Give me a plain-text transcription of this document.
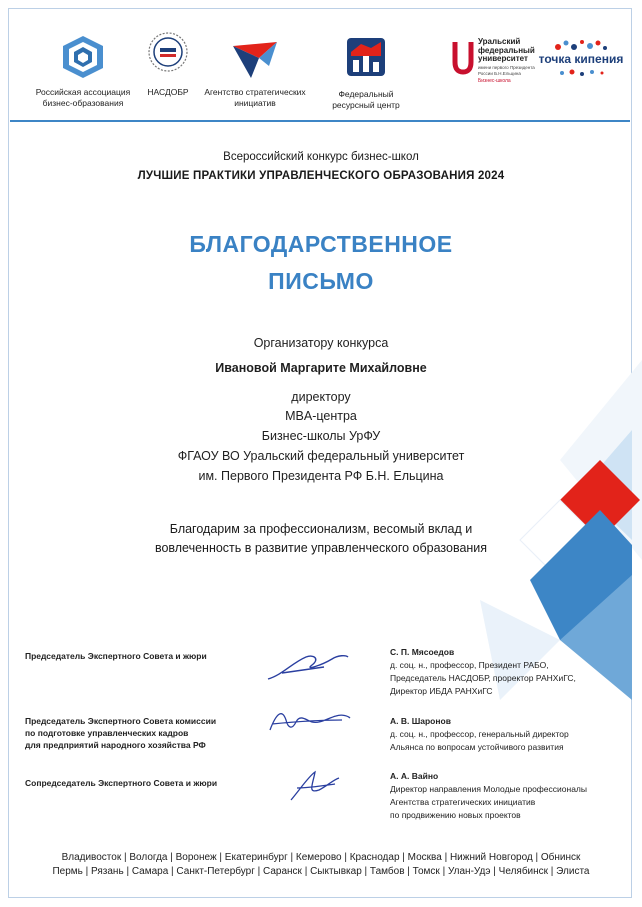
Российская ассоциация
бизнес-образования
НАСДОБР	Агентство стратегических
инициатив
Федеральный
ресурсный центр
Уральский
федеральный
университет
имени первого Президента России Б.Н.Ельцина
Бизнес-школа
точка кипения
Всероссийский конкурс бизнес-школ
ЛУЧШИЕ ПРАКТИКИ УПРАВЛЕНЧЕСКОГО ОБРАЗОВАНИЯ 2024
БЛАГОДАРСТВЕННОЕ
ПИСЬМО
Организатору конкурса
Ивановой Маргарите Михайловне
директору
MBA-центра
Бизнес-школы УрФУ
ФГАОУ ВО Уральский федеральный университет
им. Первого Президента РФ Б.Н. Ельцина
Благодарим за профессионализм, весомый вклад и
вовлеченность в развитие управленческого образования
Председатель Экспертного Совета и жюри	С. П. Мясоедов
д. соц. н., профессор, Президент РАБО,
Председатель НАСДОБР, проректор РАНХиГС,
Директор ИБДА РАНХиГС
Председатель Экспертного Совета комиссии
по подготовке управленческих кадров
для предприятий народного хозяйства РФ
А. В. Шаронов
д. соц. н., профессор, генеральный директор
Альянса по вопросам устойчивого развития
Сопредседатель Экспертного Совета и жюри
А. А. Вайно
Директор направления Молодые профессионалы
Агентства стратегических инициатив
по продвижению новых проектов
Владивосток | Вологда | Воронеж | Екатеринбург | Кемерово | Краснодар | Москва | Нижний Новгород | Обнинск
Пермь | Рязань | Самара | Санкт-Петербург | Саранск | Сыктывкар | Тамбов | Томск | Улан-Удэ | Челябинск | Элиста
